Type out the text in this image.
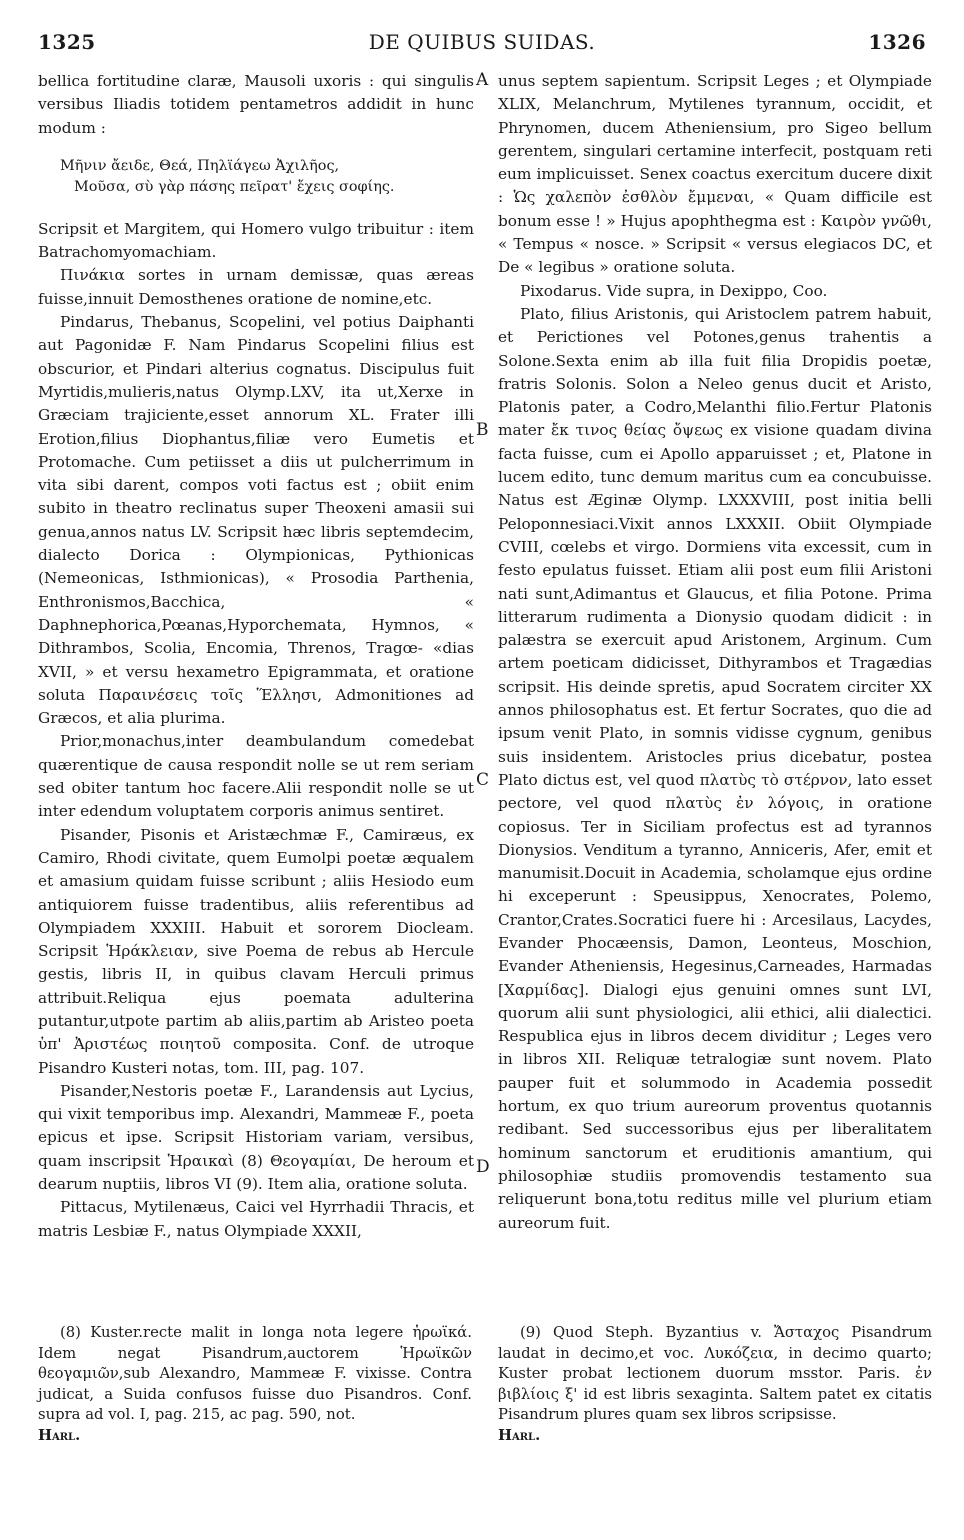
1325	DE QUIBUS SUIDAS.	1326

bellica fortitudine claræ, Mausoli uxoris : qui singulis versibus Iliadis totidem pentametros addidit in hunc modum :

Μῆνιν ἄειδε, Θεά, Πηλϊάγεω Ἀχιλῆος,
Μοῦσα, σὺ γὰρ πάσης πεῖρατ' ἔχεις σοφίης.

Scripsit et Margitem, qui Homero vulgo tribuitur : item Batrachomyomachiam.

Πινάκια sortes in urnam demissæ, quas æreas fuisse,innuit Demosthenes oratione de nomine,etc.

Pindarus, Thebanus, Scopelini, vel potius Daiphanti aut Pagonidæ F. Nam Pindarus Scopelini filius est obscurior, et Pindari alterius cognatus. Discipulus fuit Myrtidis,mulieris,natus Olymp.LXV, ita ut,Xerxe in Græciam trajiciente,esset annorum XL. Frater illi Erotion,filius Diophantus,filiæ vero Eumetis et Protomache. Cum petiisset a diis ut pulcherrimum in vita sibi darent, compos voti factus est ; obiit enim subito in theatro reclinatus super Theoxeni amasii sui genua,annos natus LV. Scripsit hæc libris septemdecim, dialecto Dorica : Olympionicas, Pythionicas (Nemeonicas, Isthmionicas), « Prosodia Parthenia, Enthronismos,Bacchica, « Daphnephorica,Pœanas,Hyporchemata, Hymnos, « Dithrambos, Scolia, Encomia, Threnos, Tragœ- «dias XVII, » et versu hexametro Epigrammata, et oratione soluta Παραινέσεις τοῖς Ἕλλησι, Admonitiones ad Græcos, et alia plurima.

Prior,monachus,inter deambulandum comedebat quærentique de causa respondit nolle se ut rem seriam sed obiter tantum hoc facere.Alii respondit nolle se ut inter edendum voluptatem corporis animus sentiret.

Pisander, Pisonis et Aristæchmæ F., Camiræus, ex Camiro, Rhodi civitate, quem Eumolpi poetæ æqualem et amasium quidam fuisse scribunt ; aliis Hesiodo eum antiquiorem fuisse tradentibus, aliis referentibus ad Olympiadem XXXIII. Habuit et sororem Diocleam. Scripsit Ἡράκλειαν, sive Poema de rebus ab Hercule gestis, libris II, in quibus clavam Herculi primus attribuit.Reliqua ejus poemata adulterina putantur,utpote partim ab aliis,partim ab Aristeo poeta ὑπ' Ἀριστέως ποιητοῦ composita. Conf. de utroque Pisandro Kusteri notas, tom. III, pag. 107.

Pisander,Nestoris poetæ F., Larandensis aut Lycius, qui vixit temporibus imp. Alexandri, Mammeæ F., poeta epicus et ipse. Scripsit Historiam variam, versibus, quam inscripsit Ἡραικαὶ (8) Θεογαμίαι, De heroum et dearum nuptiis, libros VI (9). Item alia, oratione soluta.

Pittacus, Mytilenæus, Caici vel Hyrrhadii Thracis, et matris Lesbiæ F., natus Olympiade XXXII,

A
B
C
D

unus septem sapientum. Scripsit Leges ; et Olympiade XLIX, Melanchrum, Mytilenes tyrannum, occidit, et Phrynomen, ducem Atheniensium, pro Sigeo bellum gerentem, singulari certamine interfecit, postquam reti eum implicuisset. Senex coactus exercitum ducere dixit : Ὡς χαλεπὸν ἐσθλὸν ἔμμεναι, « Quam difficile est bonum esse ! » Hujus apophthegma est : Καιρὸν γνῶθι, « Tempus « nosce. » Scripsit « versus elegiacos DC, et De « legibus » oratione soluta.

Pixodarus. Vide supra, in Dexippo, Coo.

Plato, filius Aristonis, qui Aristoclem patrem habuit, et Perictiones vel Potones,genus trahentis a Solone.Sexta enim ab illa fuit filia Dropidis poetæ, fratris Solonis. Solon a Neleo genus ducit et Aristo, Platonis pater, a Codro,Melanthi filio.Fertur Platonis mater ἔκ τινος θείας ὄψεως ex visione quadam divina facta fuisse, cum ei Apollo apparuisset ; et, Platone in lucem edito, tunc demum maritus cum ea concubuisse. Natus est Æginæ Olymp. LXXXVIII, post initia belli Peloponnesiaci.Vixit annos LXXXII. Obiit Olympiade CVIII, cœlebs et virgo. Dormiens vita excessit, cum in festo epulatus fuisset. Etiam alii post eum filii Aristoni nati sunt,Adimantus et Glaucus, et filia Potone. Prima litterarum rudimenta a Dionysio quodam didicit : in palæstra se exercuit apud Aristonem, Arginum. Cum artem poeticam didicisset, Dithyrambos et Tragædias scripsit. His deinde spretis, apud Socratem circiter XX annos philosophatus est. Et fertur Socrates, quo die ad ipsum venit Plato, in somnis vidisse cygnum, genibus suis insidentem. Aristocles prius dicebatur, postea Plato dictus est, vel quod πλατὺς τὸ στέρνον, lato esset pectore, vel quod πλατὺς ἐν λόγοις, in oratione copiosus. Ter in Siciliam profectus est ad tyrannos Dionysios. Venditum a tyranno, Anniceris, Afer, emit et manumisit.Docuit in Academia, scholamque ejus ordine hi exceperunt : Speusippus, Xenocrates, Polemo, Crantor,Crates.Socratici fuere hi : Arcesilaus, Lacydes, Evander Phocæensis, Damon, Leonteus, Moschion, Evander Atheniensis, Hegesinus,Carneades, Harmadas [Χαρμίδας]. Dialogi ejus genuini omnes sunt LVI, quorum alii sunt physiologici, alii ethici, alii dialectici. Respublica ejus in libros decem dividitur ; Leges vero in libros XII. Reliquæ tetralogiæ sunt novem. Plato pauper fuit et solummodo in Academia possedit hortum, ex quo trium aureorum proventus quotannis redibant. Sed successoribus ejus per liberalitatem hominum sanctorum et eruditionis amantium, qui philosophiæ studiis promovendis testamento sua reliquerunt bona,totu reditus mille vel plurium etiam aureorum fuit.

(8) Kuster.recte malit in longa nota legere ἡρωϊκά. Idem negat Pisandrum,auctorem Ἡρωϊκῶν θεογαμιῶν,sub Alexandro, Mammeæ F. vixisse. Contra judicat, a Suida confusos fuisse duo Pisandros. Conf. supra ad vol. I, pag. 215, ac pag. 590, not.
Harl.

(9) Quod Steph. Byzantius v. Ἄσταχος Pisandrum laudat in decimo,et voc. Λυκόζεια, in decimo quarto; Kuster probat lectionem duorum msstor. Paris. ἐν βιβλίοις ξ' id est libris sexaginta. Saltem patet ex citatis Pisandrum plures quam sex libros scripsisse.
Harl.
